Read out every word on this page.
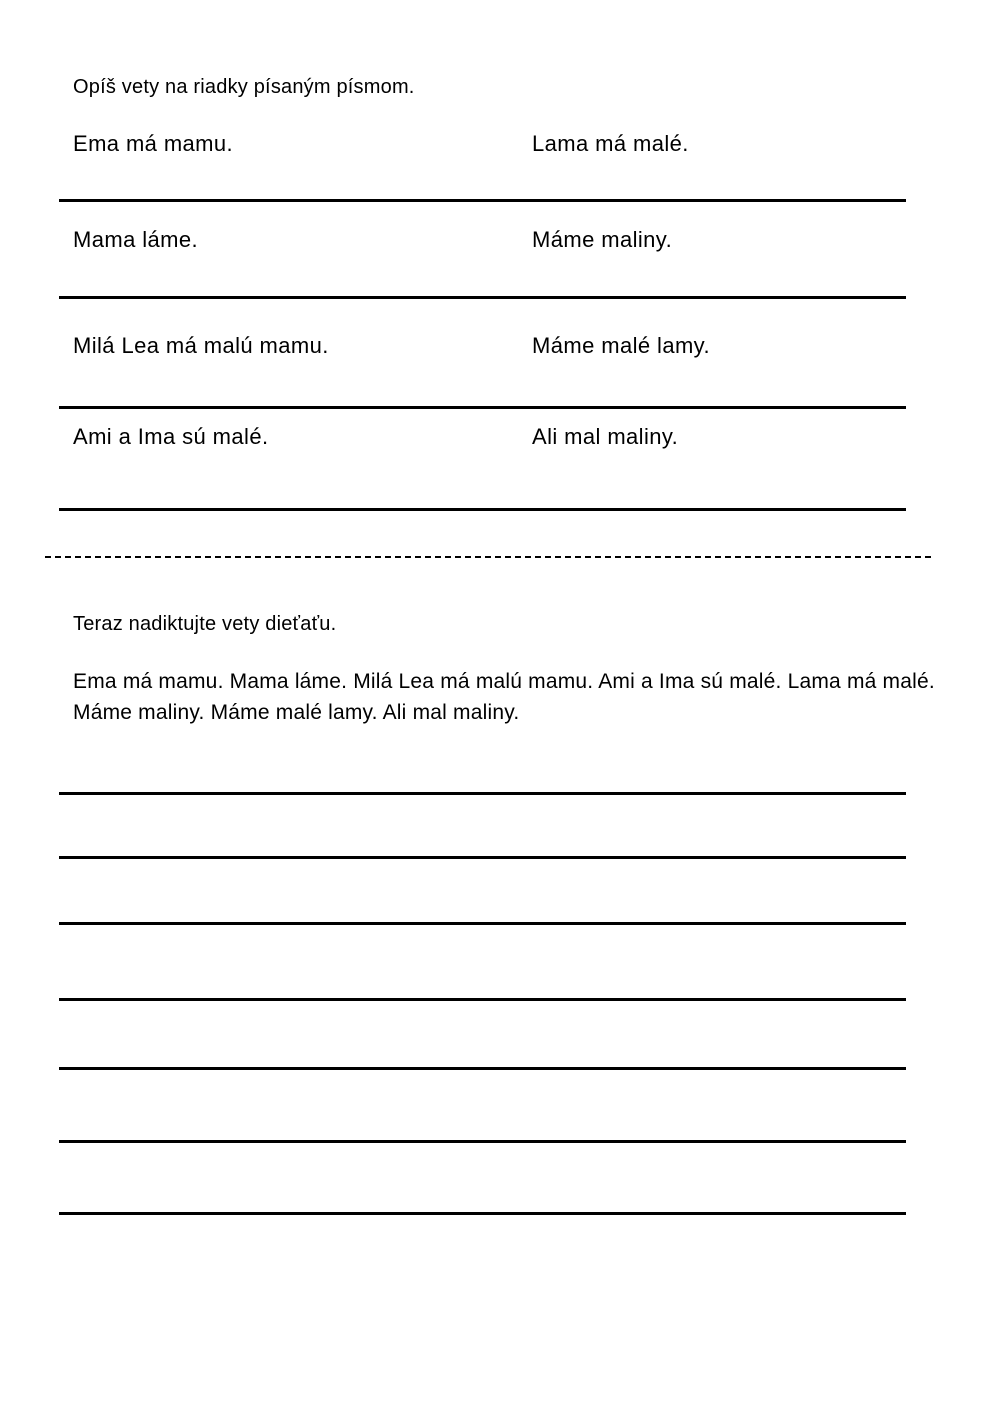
Opíš vety na riadky písaným písmom.
Ema má mamu.	Lama má malé.
Mama láme.	Máme maliny.
Milá Lea má malú mamu.	Máme malé lamy.
Ami a Ima sú malé.	Ali mal maliny.
Teraz nadiktujte vety dieťaťu.
Ema má mamu. Mama láme. Milá Lea má malú mamu. Ami a Ima sú malé. Lama má malé. Máme maliny. Máme malé lamy. Ali mal maliny.
